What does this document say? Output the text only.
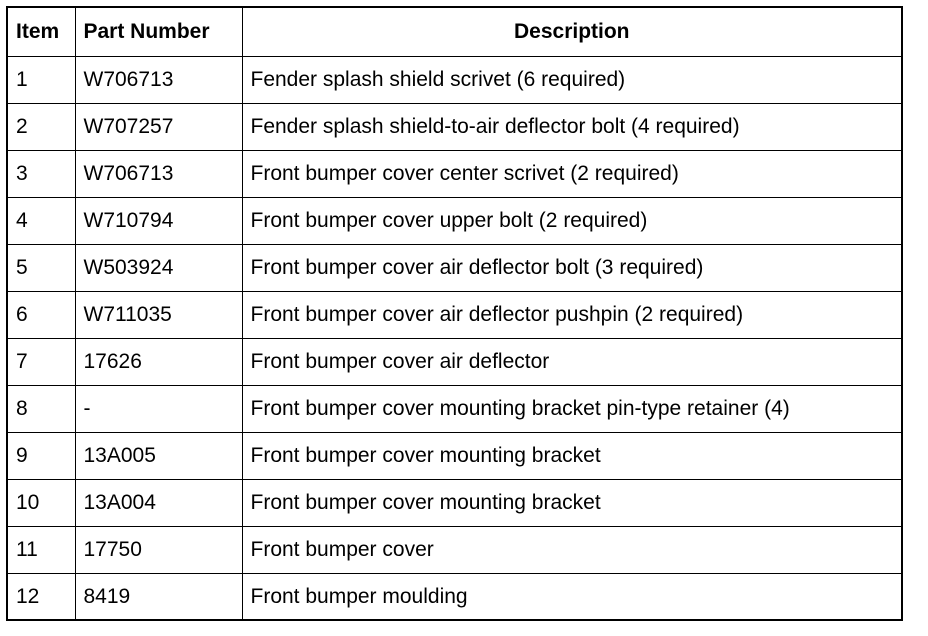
Item	Part Number	Description
1	W706713	Fender splash shield scrivet (6 required)
2	W707257	Fender splash shield-to-air deflector bolt (4 required)
3	W706713	Front bumper cover center scrivet (2 required)
4	W710794	Front bumper cover upper bolt (2 required)
5	W503924	Front bumper cover air deflector bolt (3 required)
6	W711035	Front bumper cover air deflector pushpin (2 required)
7	17626	Front bumper cover air deflector
8	-	Front bumper cover mounting bracket pin-type retainer (4)
9	13A005	Front bumper cover mounting bracket
10	13A004	Front bumper cover mounting bracket
11	17750	Front bumper cover
12	8419	Front bumper moulding
